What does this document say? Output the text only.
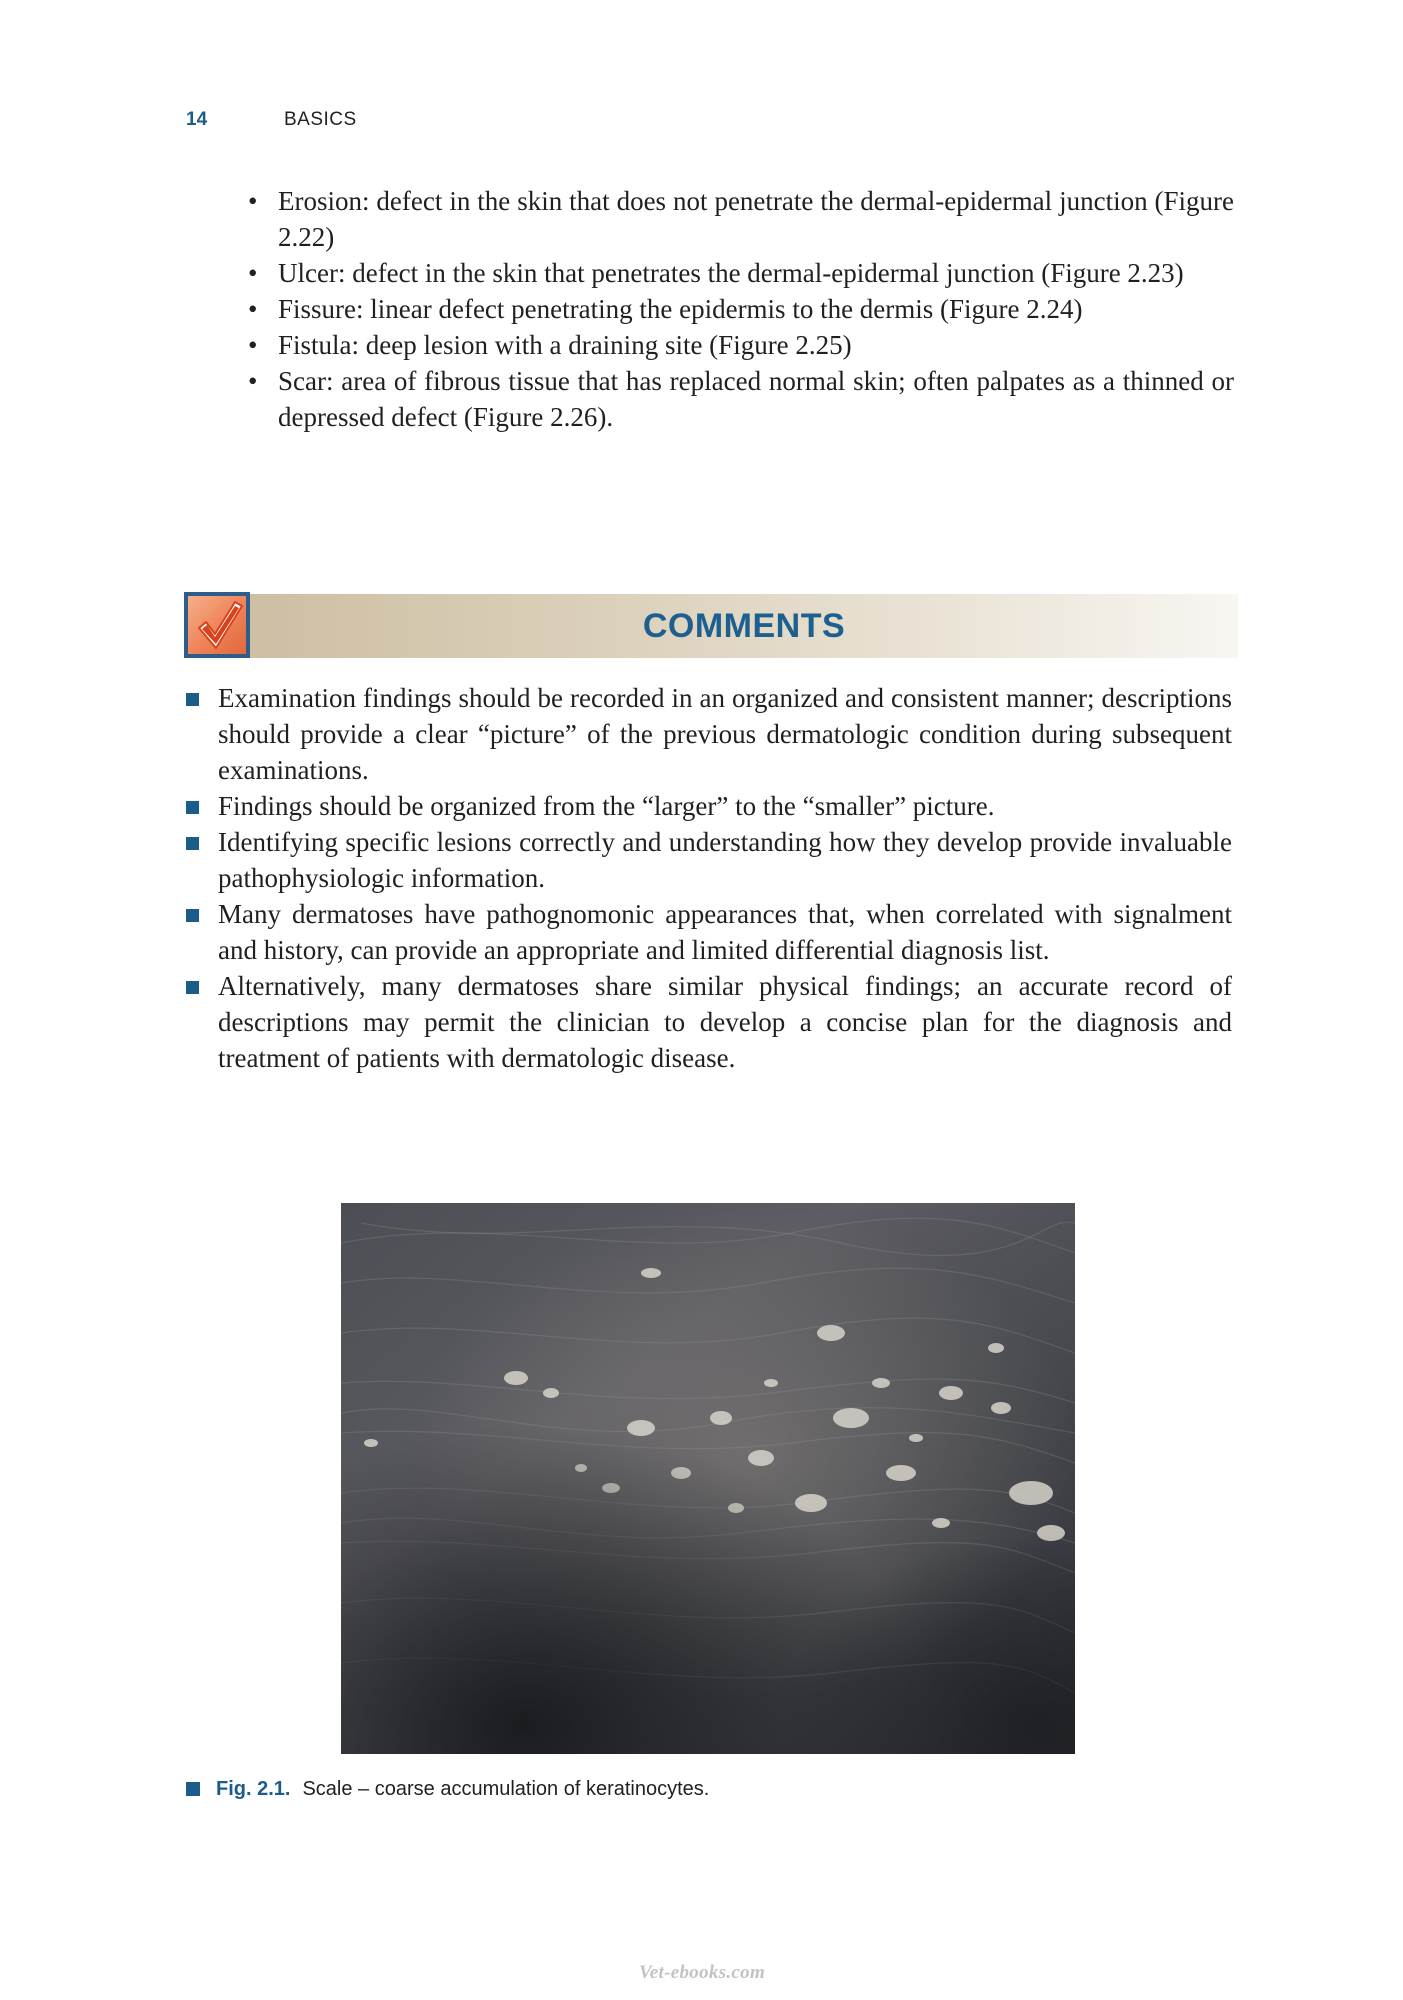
14	BASICS
• Erosion: defect in the skin that does not penetrate the dermal-epidermal junction (Figure 2.22)
• Ulcer: defect in the skin that penetrates the dermal-epidermal junction (Figure 2.23)
• Fissure: linear defect penetrating the epidermis to the dermis (Figure 2.24)
• Fistula: deep lesion with a draining site (Figure 2.25)
• Scar: area of fibrous tissue that has replaced normal skin; often palpates as a thinned or depressed defect (Figure 2.26).
COMMENTS
Examination findings should be recorded in an organized and consistent manner; descriptions should provide a clear “picture” of the previous dermatologic condition during subsequent examinations.
Findings should be organized from the “larger” to the “smaller” picture.
Identifying specific lesions correctly and understanding how they develop provide invaluable pathophysiologic information.
Many dermatoses have pathognomonic appearances that, when correlated with signalment and history, can provide an appropriate and limited differential diagnosis list.
Alternatively, many dermatoses share similar physical findings; an accurate record of descriptions may permit the clinician to develop a concise plan for the diagnosis and treatment of patients with dermatologic disease.
Fig. 2.1. Scale – coarse accumulation of keratinocytes.
Vet-ebooks.com
